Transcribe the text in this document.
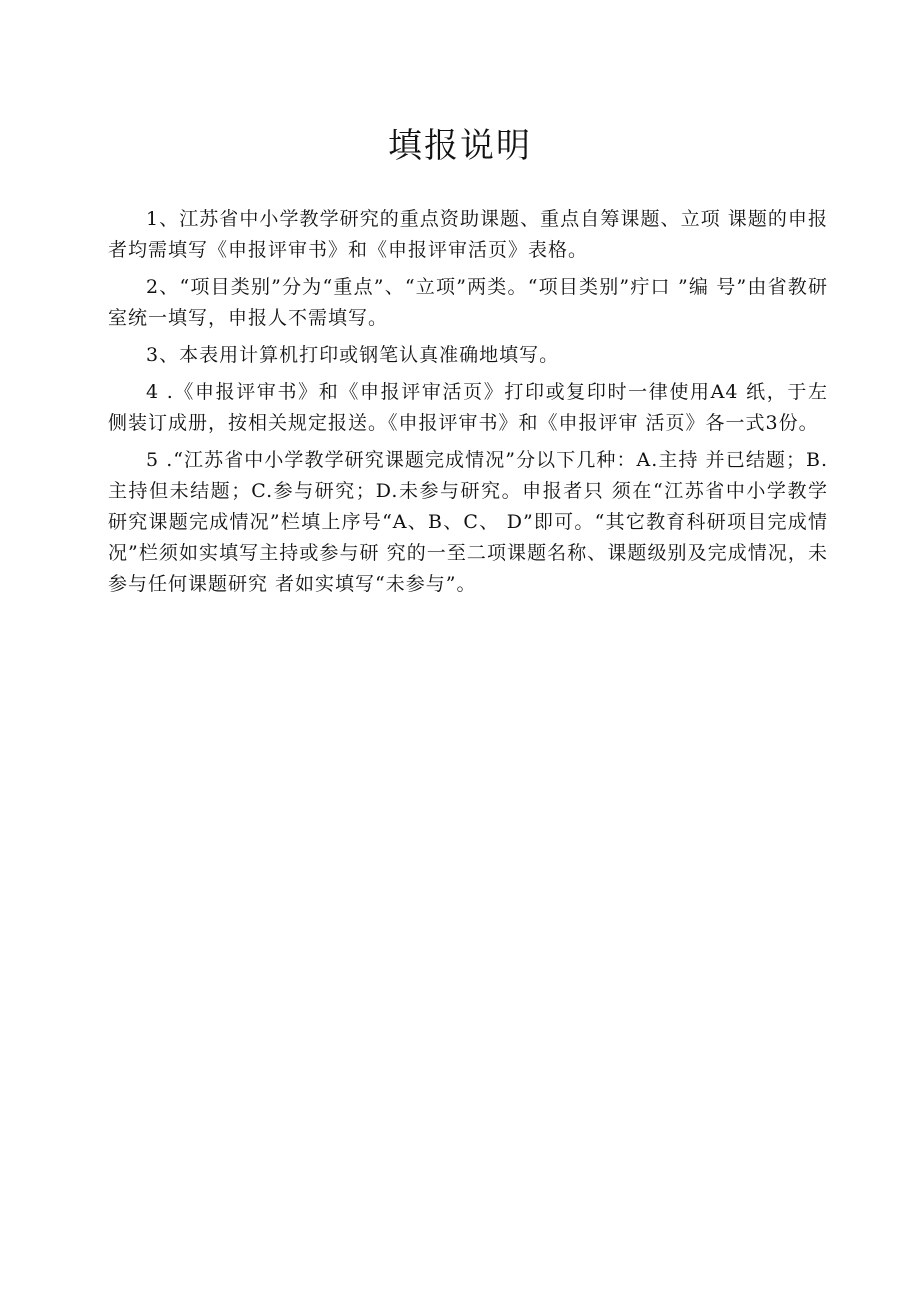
填报说明

1、江苏省中小学教学研究的重点资助课题、重点自筹课题、立项 课题的申报者均需填写《申报评审书》和《申报评审活页》表格。

2、“项目类别”分为“重点”、“立项”两类。“项目类别”疔口 ”编 号”由省教研室统一填写，申报人不需填写。

3、本表用计算机打印或钢笔认真准确地填写。

4 .《申报评审书》和《申报评审活页》打印或复印时一律使用A4 纸，于左侧装订成册，按相关规定报送。《申报评审书》和《申报评审 活页》各一式3份。

5 .“江苏省中小学教学研究课题完成情况”分以下几种：A.主持 并已结题；B.主持但未结题；C.参与研究；D.未参与研究。申报者只 须在“江苏省中小学教学研究课题完成情况”栏填上序号“A、B、C、 D”即可。“其它教育科研项目完成情况”栏须如实填写主持或参与研 究的一至二项课题名称、课题级别及完成情况，未参与任何课题研究 者如实填写“未参与”。
